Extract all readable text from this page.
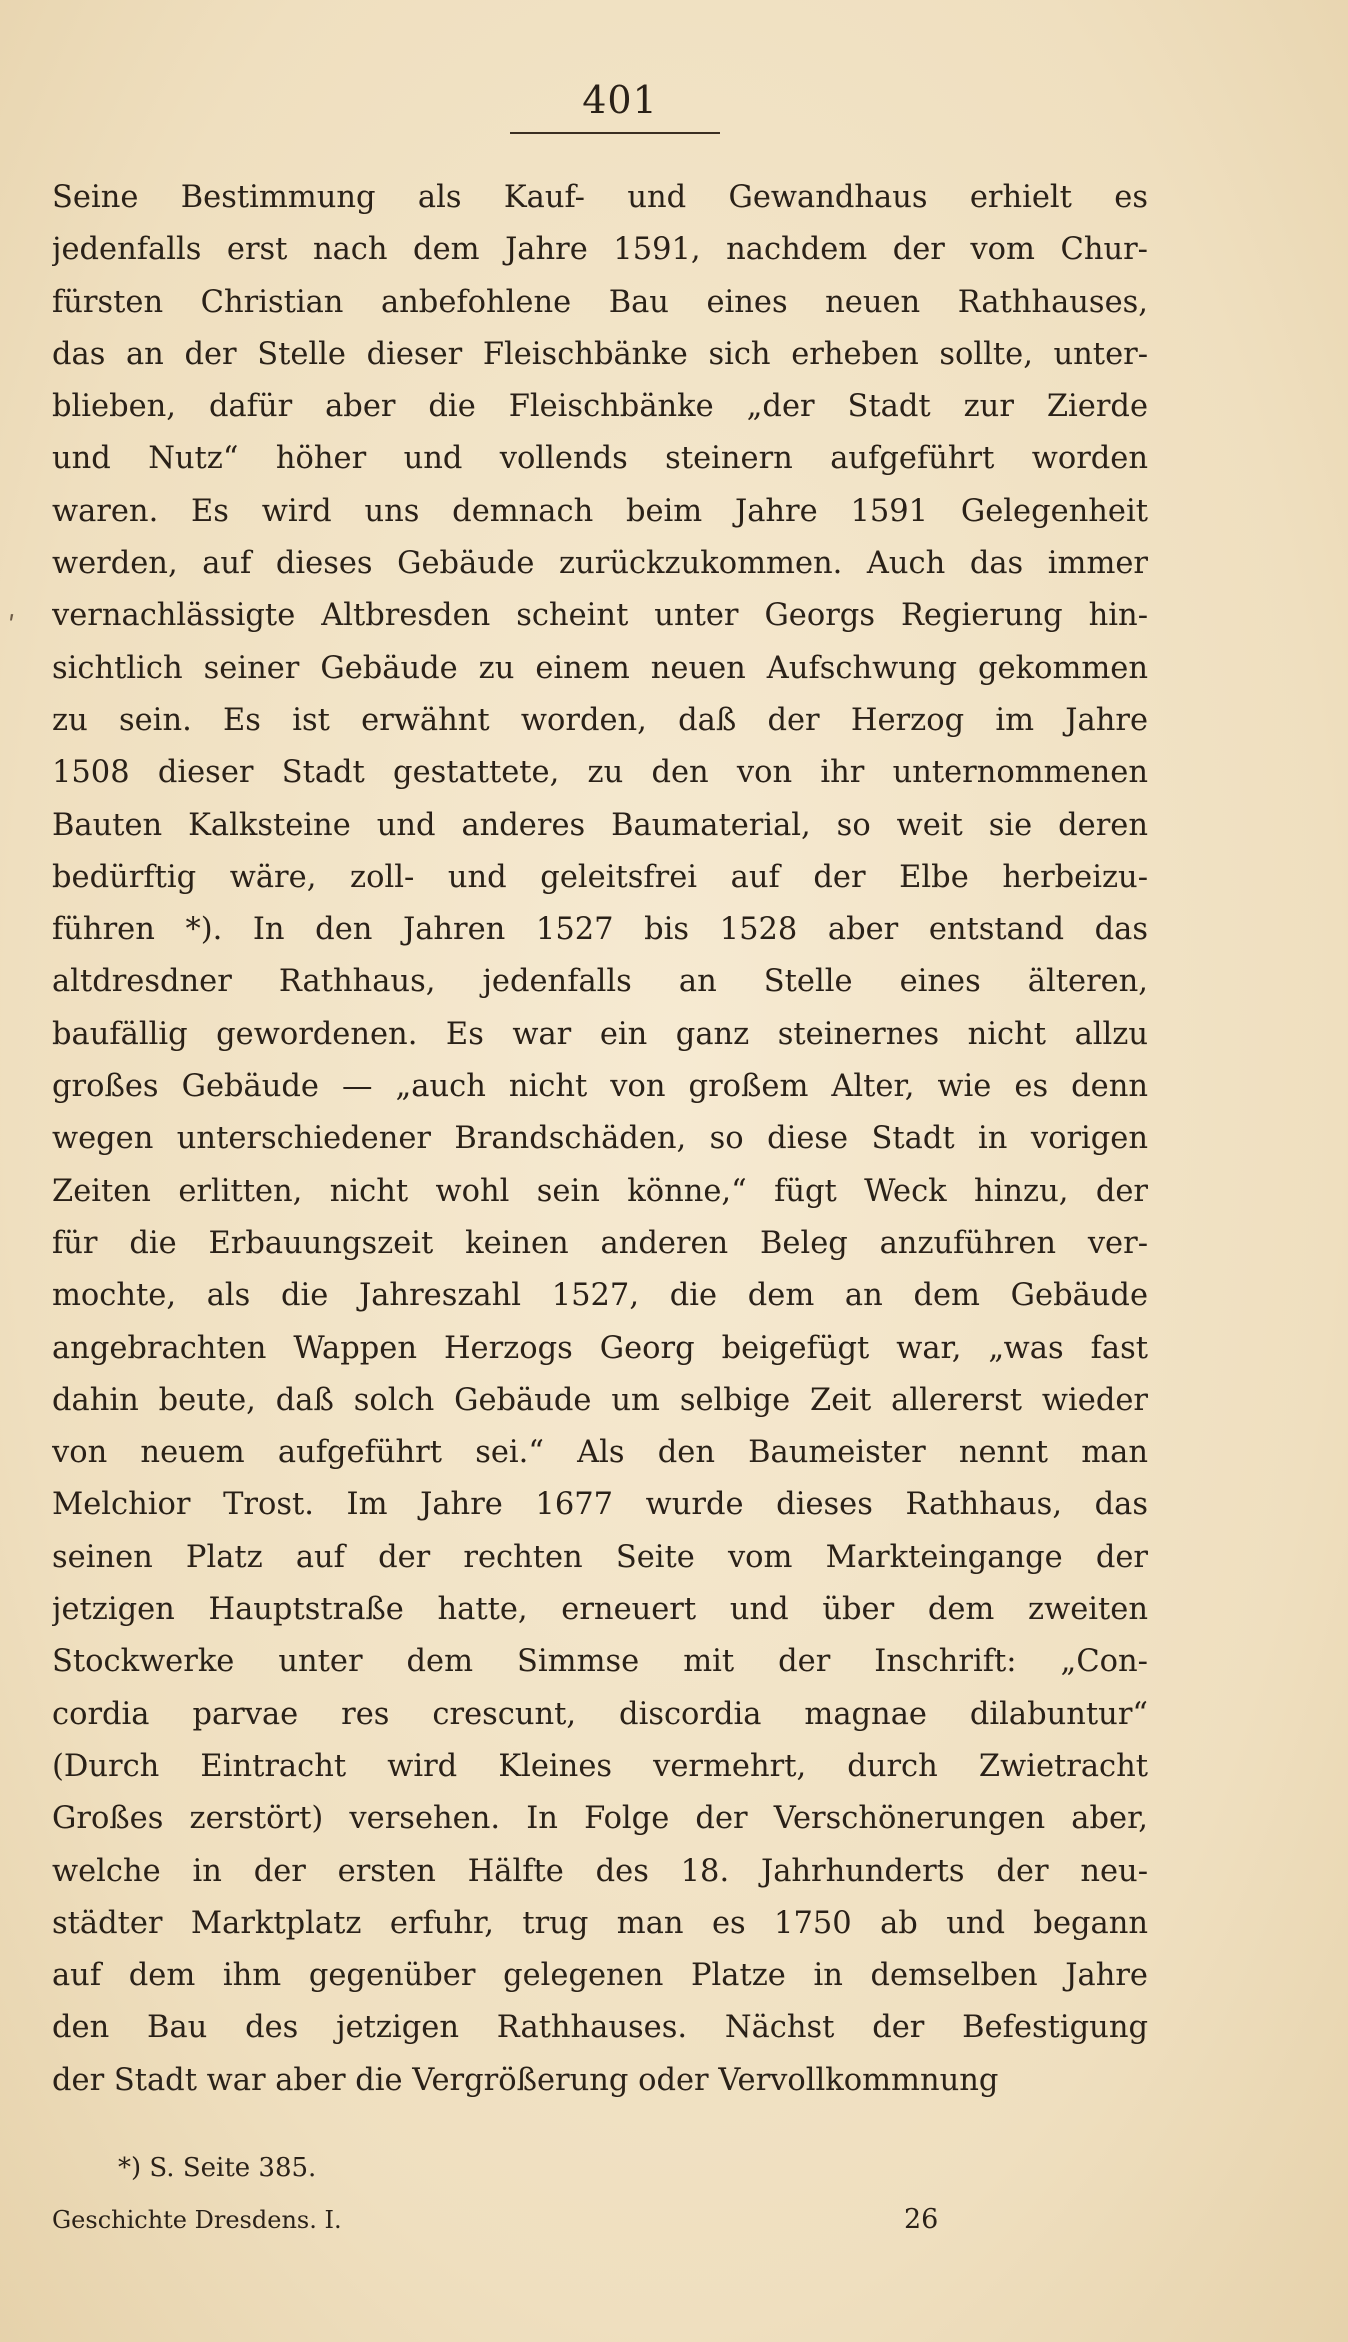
401
ʹ
Seine Bestimmung als Kauf- und Gewandhaus erhielt es
jedenfalls erst nach dem Jahre 1591, nachdem der vom Chur-
fürsten Christian anbefohlene Bau eines neuen Rathhauses,
das an der Stelle dieser Fleischbänke sich erheben sollte, unter-
blieben, dafür aber die Fleischbänke „der Stadt zur Zierde
und Nutz“ höher und vollends steinern aufgeführt worden
waren. Es wird uns demnach beim Jahre 1591 Gelegenheit
werden, auf dieses Gebäude zurückzukommen. Auch das immer
vernachlässigte Altbresden scheint unter Georgs Regierung hin-
sichtlich seiner Gebäude zu einem neuen Aufschwung gekommen
zu sein. Es ist erwähnt worden, daß der Herzog im Jahre
1508 dieser Stadt gestattete, zu den von ihr unternommenen
Bauten Kalksteine und anderes Baumaterial, so weit sie deren
bedürftig wäre, zoll- und geleitsfrei auf der Elbe herbeizu-
führen *). In den Jahren 1527 bis 1528 aber entstand das
altdresdner Rathhaus, jedenfalls an Stelle eines älteren,
baufällig gewordenen. Es war ein ganz steinernes nicht allzu
großes Gebäude — „auch nicht von großem Alter, wie es denn
wegen unterschiedener Brandschäden, so diese Stadt in vorigen
Zeiten erlitten, nicht wohl sein könne,“ fügt Weck hinzu, der
für die Erbauungszeit keinen anderen Beleg anzuführen ver-
mochte, als die Jahreszahl 1527, die dem an dem Gebäude
angebrachten Wappen Herzogs Georg beigefügt war, „was fast
dahin beute, daß solch Gebäude um selbige Zeit allererst wieder
von neuem aufgeführt sei.“ Als den Baumeister nennt man
Melchior Trost. Im Jahre 1677 wurde dieses Rathhaus, das
seinen Platz auf der rechten Seite vom Markteingange der
jetzigen Hauptstraße hatte, erneuert und über dem zweiten
Stockwerke unter dem Simmse mit der Inschrift: „Con-
cordia parvae res crescunt, discordia magnae dilabuntur“
(Durch Eintracht wird Kleines vermehrt, durch Zwietracht
Großes zerstört) versehen. In Folge der Verschönerungen aber,
welche in der ersten Hälfte des 18. Jahrhunderts der neu-
städter Marktplatz erfuhr, trug man es 1750 ab und begann
auf dem ihm gegenüber gelegenen Platze in demselben Jahre
den Bau des jetzigen Rathhauses. Nächst der Befestigung
der Stadt war aber die Vergrößerung oder Vervollkommnung
*) S. Seite 385.
Geschichte Dresdens. I.	26
